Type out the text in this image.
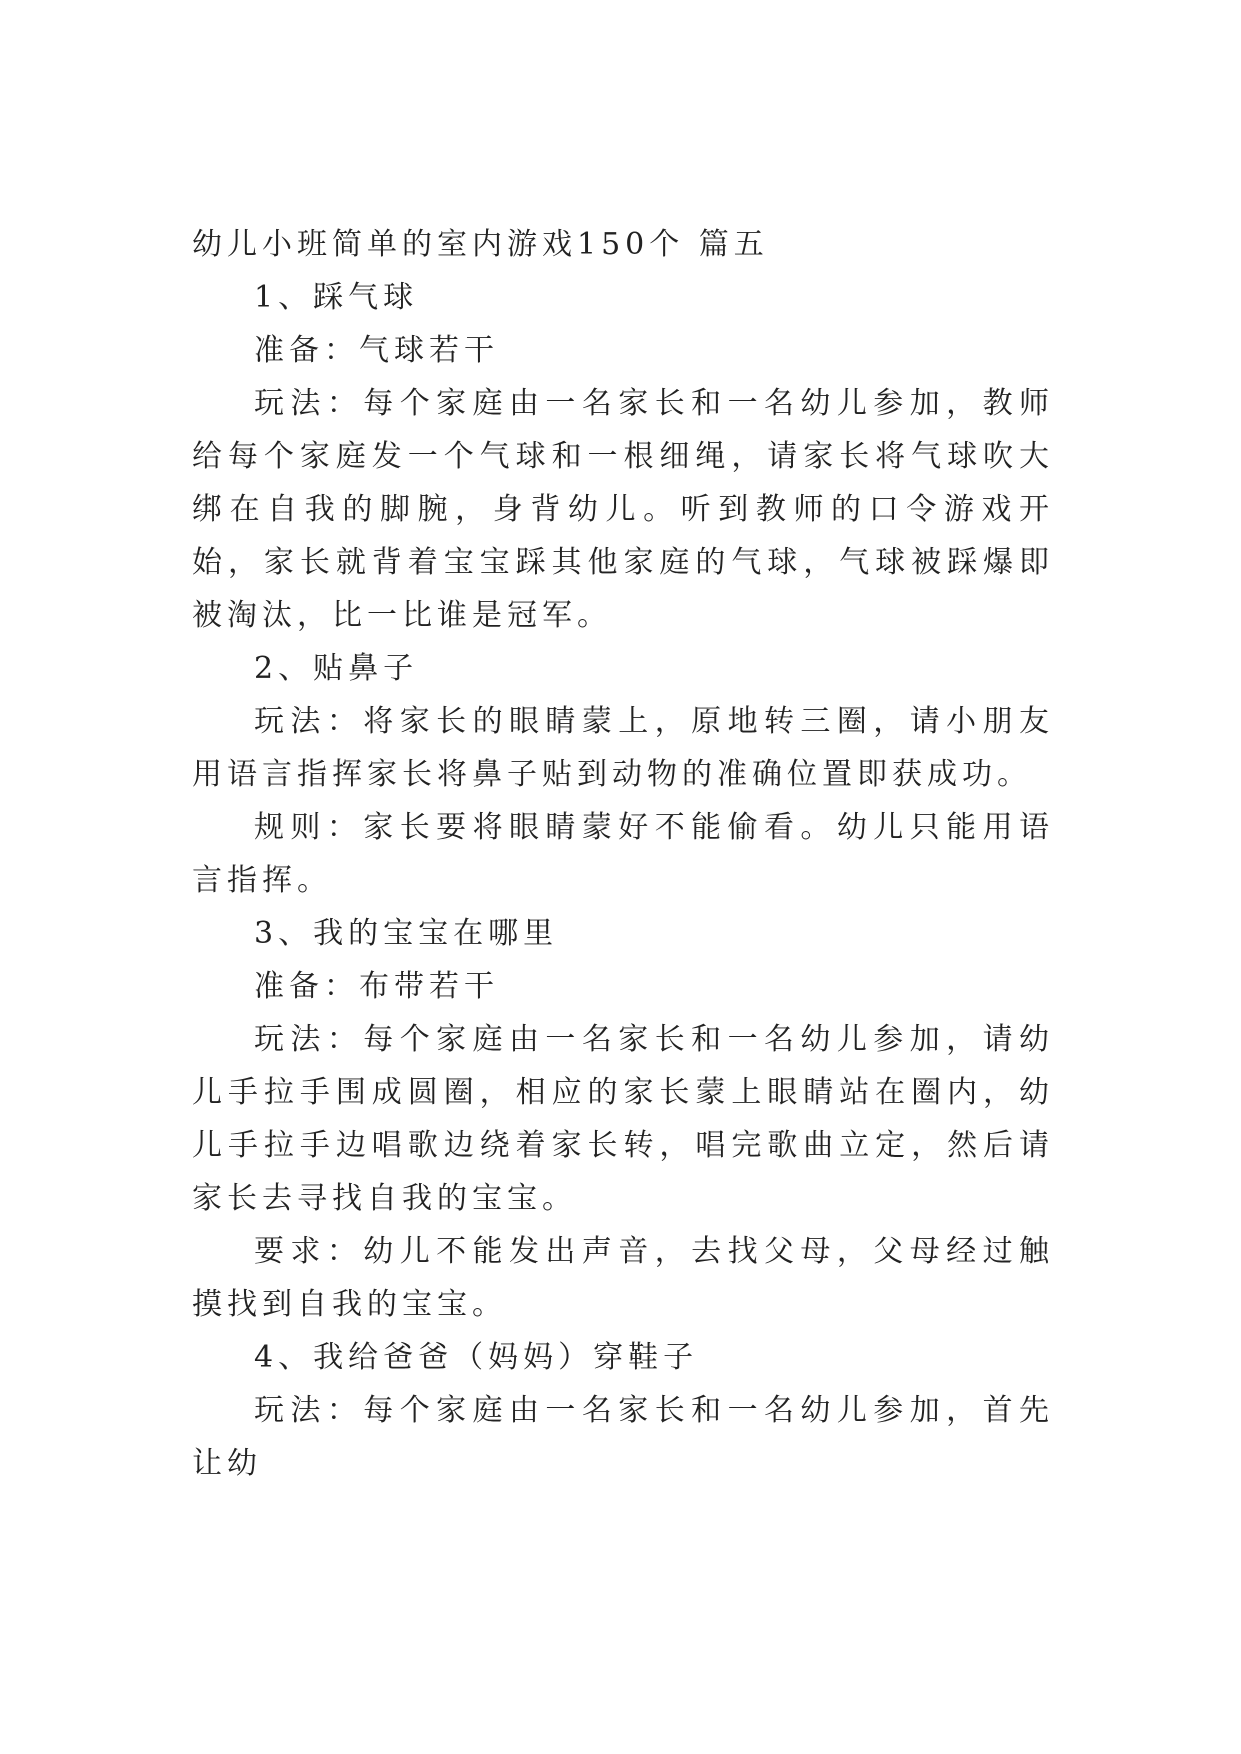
幼儿小班简单的室内游戏150个 篇五

1、踩气球

准备：气球若干

玩法：每个家庭由一名家长和一名幼儿参加，教师给每个家庭发一个气球和一根细绳，请家长将气球吹大绑在自我的脚腕，身背幼儿。听到教师的口令游戏开始，家长就背着宝宝踩其他家庭的气球，气球被踩爆即被淘汰，比一比谁是冠军。

2、贴鼻子

玩法：将家长的眼睛蒙上，原地转三圈，请小朋友用语言指挥家长将鼻子贴到动物的准确位置即获成功。

规则：家长要将眼睛蒙好不能偷看。幼儿只能用语言指挥。

3、我的宝宝在哪里

准备：布带若干

玩法：每个家庭由一名家长和一名幼儿参加，请幼儿手拉手围成圆圈，相应的家长蒙上眼睛站在圈内，幼儿手拉手边唱歌边绕着家长转，唱完歌曲立定，然后请家长去寻找自我的宝宝。

要求：幼儿不能发出声音，去找父母，父母经过触摸找到自我的宝宝。

4、我给爸爸（妈妈）穿鞋子

玩法：每个家庭由一名家长和一名幼儿参加，首先让幼
